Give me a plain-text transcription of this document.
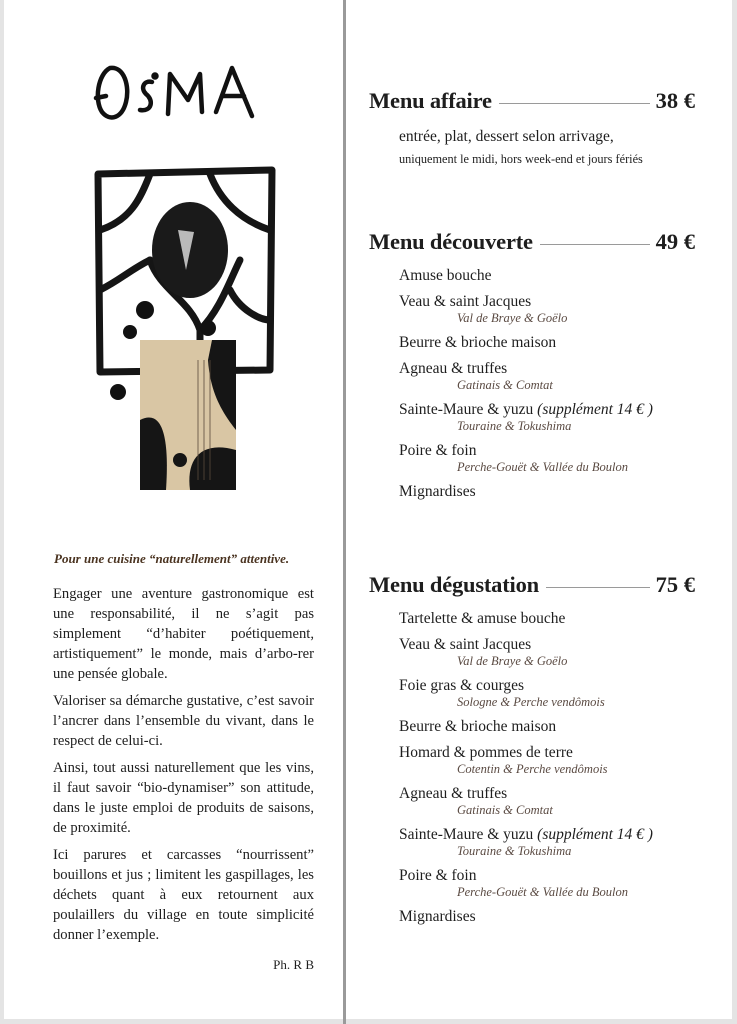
Pour une cuisine “naturellement” attentive.

Engager une aventure gastronomique est une responsabilité, il ne s’agit pas simplement “d’habiter poétiquement, artistiquement” le monde, mais d’arbo-rer une pensée globale.

Valoriser sa démarche gustative, c’est savoir l’ancrer dans l’ensemble du vivant, dans le respect de celui-ci.

Ainsi, tout aussi naturellement que les vins, il faut savoir “bio-dynamiser” son attitude, dans le juste emploi de produits de saisons, de proximité.

Ici parures et carcasses “nourrissent” bouillons et jus ; limitent les gaspillages, les déchets quant à eux retournent aux poulaillers du village en toute simplicité donner l’exemple.

Ph. R B
Menu affaire	38 €
entrée, plat, dessert selon arrivage,
uniquement le midi, hors week-end et jours fériés
Menu découverte	49 €
Amuse bouche
Veau & saint Jacques
Val de Braye & Goëlo
Beurre & brioche maison
Agneau & truffes
Gatinais & Comtat
Sainte-Maure & yuzu (supplément 14 € )
Touraine & Tokushima
Poire & foin
Perche-Gouët & Vallée du Boulon
Mignardises
Menu dégustation	75 €
Tartelette & amuse bouche
Veau & saint Jacques
Val de Braye & Goëlo
Foie gras & courges
Sologne & Perche vendômois
Beurre & brioche maison
Homard & pommes de terre
Cotentin & Perche vendômois
Agneau & truffes
Gatinais & Comtat
Sainte-Maure & yuzu (supplément 14 € )
Touraine & Tokushima
Poire & foin
Perche-Gouët & Vallée du Boulon
Mignardises
